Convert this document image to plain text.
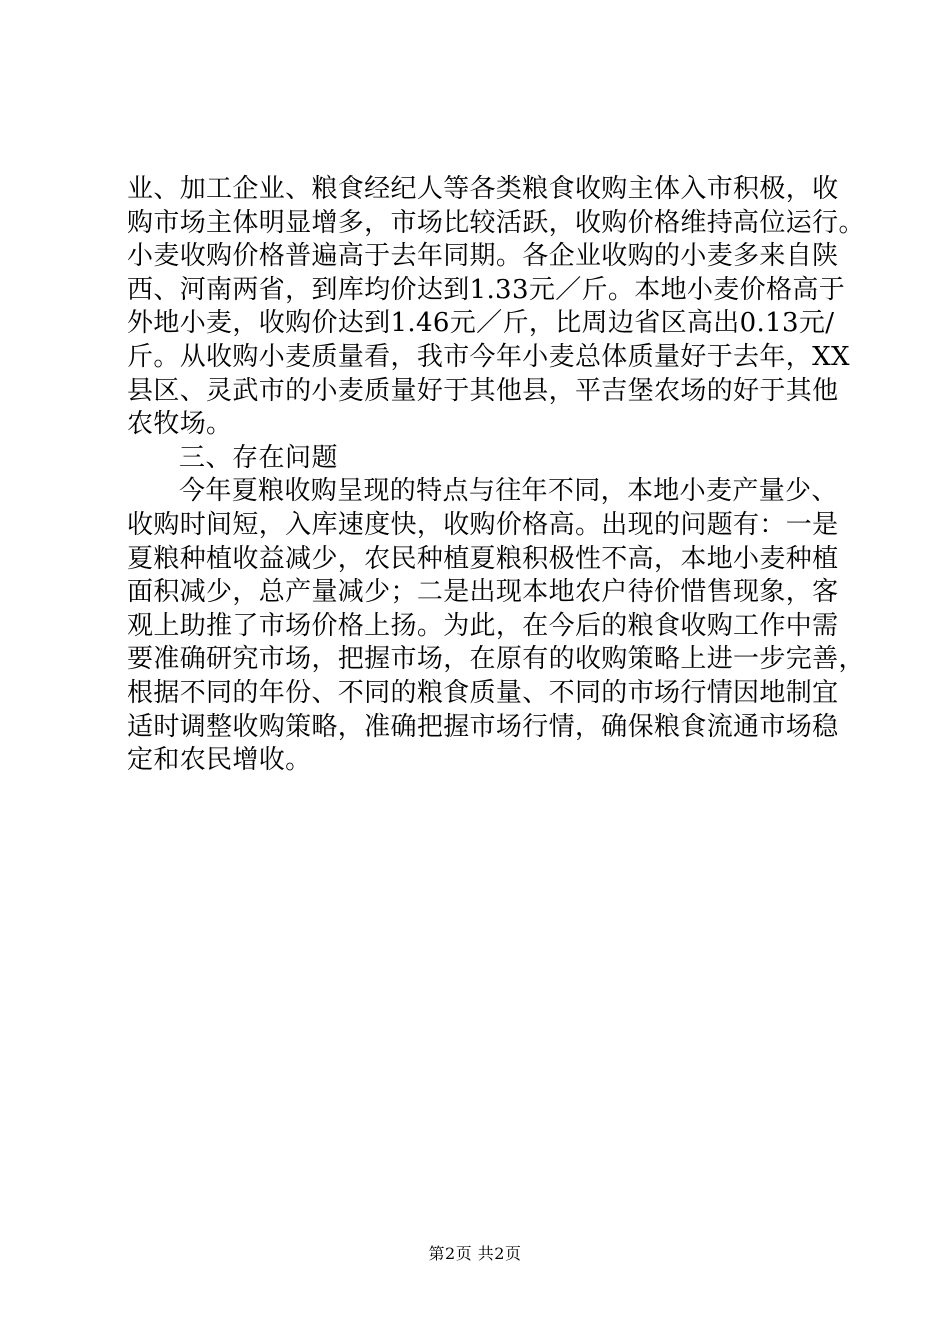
业、加工企业、粮食经纪人等各类粮食收购主体入市积极，收
购市场主体明显增多，市场比较活跃，收购价格维持高位运行。
小麦收购价格普遍高于去年同期。各企业收购的小麦多来自陕
西、河南两省，到库均价达到1.33元／斤。本地小麦价格高于
外地小麦，收购价达到1.46元／斤，比周边省区高出0.13元/
斤。从收购小麦质量看，我市今年小麦总体质量好于去年，XX
县区、灵武市的小麦质量好于其他县，平吉堡农场的好于其他
农牧场。
三、存在问题
今年夏粮收购呈现的特点与往年不同，本地小麦产量少、
收购时间短，入库速度快，收购价格高。出现的问题有：一是
夏粮种植收益减少，农民种植夏粮积极性不高，本地小麦种植
面积减少，总产量减少；二是出现本地农户待价惜售现象，客
观上助推了市场价格上扬。为此，在今后的粮食收购工作中需
要准确研究市场，把握市场，在原有的收购策略上进一步完善，
根据不同的年份、不同的粮食质量、不同的市场行情因地制宜
适时调整收购策略，准确把握市场行情，确保粮食流通市场稳
定和农民增收。
第2页 共2页
